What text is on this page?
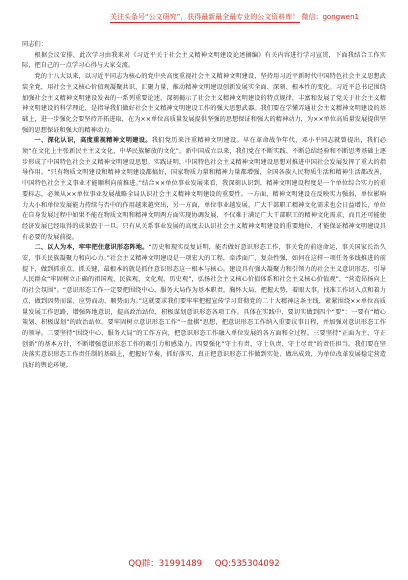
关注头条号“公文研究”，获得最新最全最专业的公文资料库！ 微信：gongwen1

同志们：

根据会议安排，此次学习由我来对《习近平关于社会主义精神文明建设论述摘编》有关内容进行学习宣贯，下面我结合工作实际，把自己的一点学习心得与大家交流。

党的十八大以来，以习近平同志为核心的党中央高度重视社会主义精神文明建设，坚持用习近平新时代中国特色社会主义思想武装全党，用社会主义核心价值观凝聚共识、汇聚力量，推动精神文明建设创新发展实全面、深刻、根本性的变化。习近平总书记围绕加强社会主义精神文明建设发表的一系列重要论述，深刻揭示了社会主义精神文明建设的特点规律，丰富和发展了党关于社会主义精神文明建设的科学理论，是指导我们做好社会主义精神文明建设工作的强大思想武器。我们要在学懂弄通社会主义精神文明建设的基础上，进一步强化会要坚持开拓进取，在为××单位高质量发展提供坚强的思想保证和强大的精神动力，为××单位高质量发展提供坚强的思想保证和强大的精神动力。

一、深化认识，高度重视精神文明建设。我们党历来注重精神文明建设。早在革命战争年代，邓小平同志就曾提出，我们必须“在文化上主张新民主主义文化，中华民族解放的文化”。新中国成立以来，我们党在不断实践、不断总结经验和不断思考基础上逐步形成了中国特色社会主义精神文明建设思想。实践证明，中国特色社会主义精神文明建设思想对推进中国社会发展发挥了重大的指导作用。“只有物质文明建设和精神文明建设都搞好，国家物质力量和精神力量都增强，全国各族人民物质生活和精神生活都改善，中国特色社会主义事业才能顺利向前推进。”结合××单位事业发展来看，我深刻认识到，精神文明建设程度是一个单位综合实力的重要标志，必须从××单位事业发展战略全局认识社会主义精神文明建设的重要性。一方面，精神文明建设在反映实力强弱，单位影响力大小和单位发展能力持续与否中的作用越来越突出，另一方面，单位事业越发展，广大干部职工精神文化需求也会日益增长，单位在自身发展过程中如果不能在物质文明和精神文明两方面实现协调发展，不仅难于满足广大干部职工的精神文化需求，而且还可能使经济发展已经取得的成果毁于一旦。只有从关系事业发展的高度去认识社会主义精神文明建设的重要地位，才能保证精神文明建设具有必要的发展前提。

二、以人为本，牢牢把住意识形态阵地。“历史和现实反复证明，能否做好意识形态工作，事关党的前途命运，事关国家长治久安，事关民族凝聚力和向心力。”社会主义精神文明建设是一项宏大的工程，牵涉面广、复杂性强，如何在这样一项任务多线推进的前提下，做到抓重点、抓关键，最根本的就是抓住意识形态这一根本与核心。建设具有强大凝聚力和引领力的社会主义意识形态，引导人民群众“牢固树立正确的祖国观、民族观、文化观、历史观”，弘扬社会主义核心价值体系和社会主义核心价值观”，“营造昂扬向上的社会氛围”。“意识形态工作一定要把围绕中心、服务大局作为基本职责，胸怀大局、把握大势，着眼大事，找准工作切入点和着力点，做到因势而谋、应势而动、顺势而为。”这就要求我们要牢牢把握宣传学习贯彻党的二十大精神这条主线，紧紧围绕××单位高质量发展工作思路，增强阵地意识，提高政治站位，积极谋划意识形态各项工作。具体在实践中，要切实做到四个“要”：一要有“精心策划、积极谋划”的政治站位。要牢固树立意识形态工作“一盘棋”思想，把意识形态工作纳入重要议事日程，并加强对意识形态工作的领导。二要坚持“围绕中心、服务大局”的工作方向，把意识形态工作融入单位发展的各方面和全过程。三要坚持“正面为主、守正创新”的基本方针，不断增强意识形态工作的吸引力和感染力。四要强化“守土有责、守土负责、守土尽责”的责任担当。我们要在坚决落实意识形态工作责任制的基础上，把握好节奏、抓好落实，真正把意识形态工作做到实处、做出成效，为单位改革发展稳定营造良好的舆论环境。

QQ群：31991489 QQ:535304092
